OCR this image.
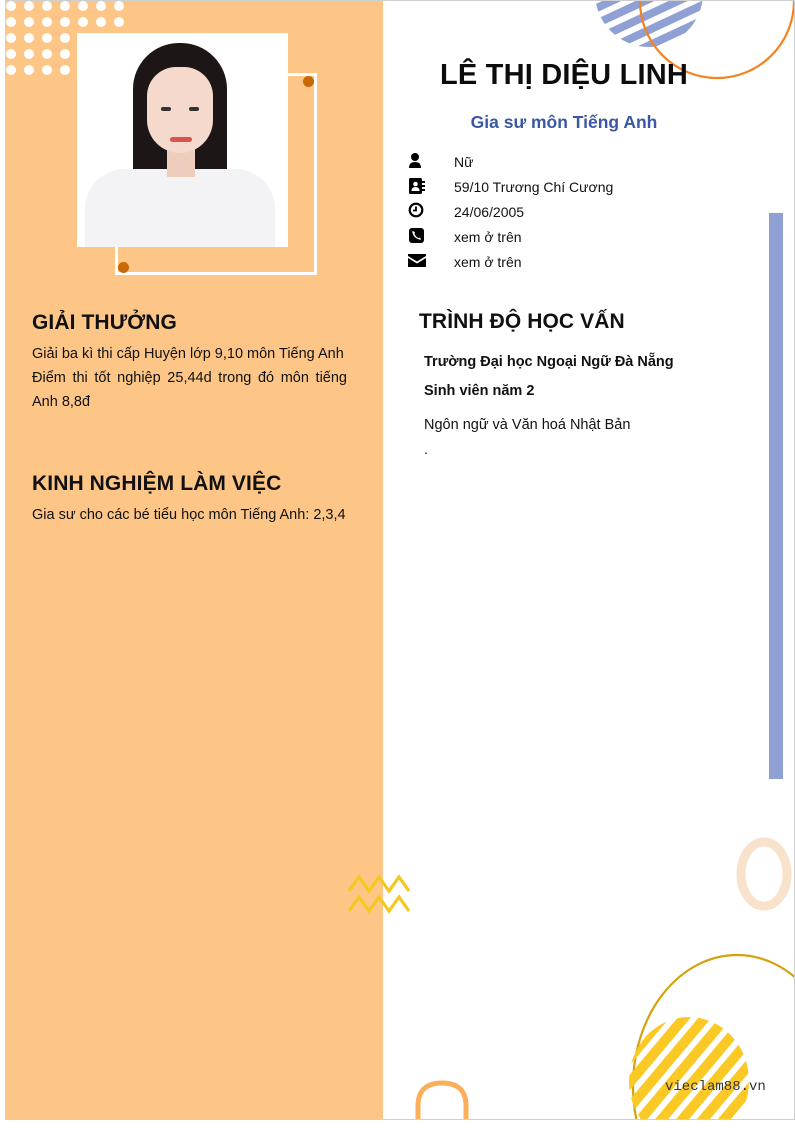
LÊ THỊ DIỆU LINH
Gia sư môn Tiếng Anh
Nữ
59/10 Trương Chí Cương
24/06/2005
xem ở trên
xem ở trên
GIẢI THƯỞNG

Giải ba kì thi cấp Huyện lớp 9,10 môn Tiếng Anh

Điểm thi tốt nghiệp 25,44d trong đó môn tiếng Anh 8,8đ

KINH NGHIỆM LÀM VIỆC

Gia sư cho các bé tiểu học môn Tiếng Anh: 2,3,4

TRÌNH ĐỘ HỌC VẤN
Trường Đại học Ngoại Ngữ Đà Nẵng
Sinh viên năm 2
Ngôn ngữ và Văn hoá Nhật Bản
.
vieclam88.vn
